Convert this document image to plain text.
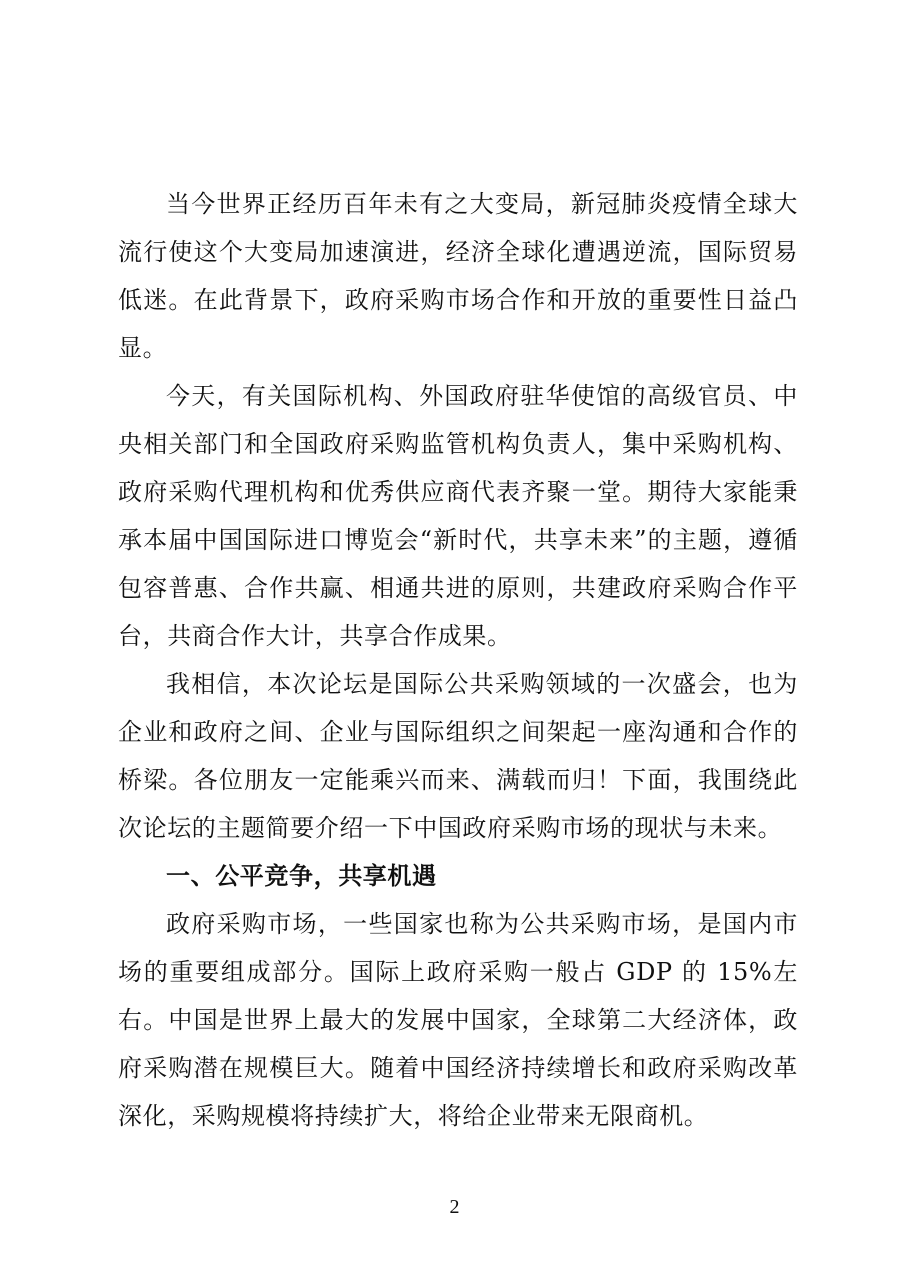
当今世界正经历百年未有之大变局，新冠肺炎疫情全球大流行使这个大变局加速演进，经济全球化遭遇逆流，国际贸易低迷。在此背景下，政府采购市场合作和开放的重要性日益凸显。

今天，有关国际机构、外国政府驻华使馆的高级官员、中央相关部门和全国政府采购监管机构负责人，集中采购机构、政府采购代理机构和优秀供应商代表齐聚一堂。期待大家能秉承本届中国国际进口博览会“新时代，共享未来”的主题，遵循包容普惠、合作共赢、相通共进的原则，共建政府采购合作平台，共商合作大计，共享合作成果。

我相信，本次论坛是国际公共采购领域的一次盛会，也为企业和政府之间、企业与国际组织之间架起一座沟通和合作的桥梁。各位朋友一定能乘兴而来、满载而归！下面，我围绕此次论坛的主题简要介绍一下中国政府采购市场的现状与未来。

一、公平竞争，共享机遇

政府采购市场，一些国家也称为公共采购市场，是国内市场的重要组成部分。国际上政府采购一般占 GDP 的 15%左右。中国是世界上最大的发展中国家，全球第二大经济体，政府采购潜在规模巨大。随着中国经济持续增长和政府采购改革深化，采购规模将持续扩大，将给企业带来无限商机。

2
